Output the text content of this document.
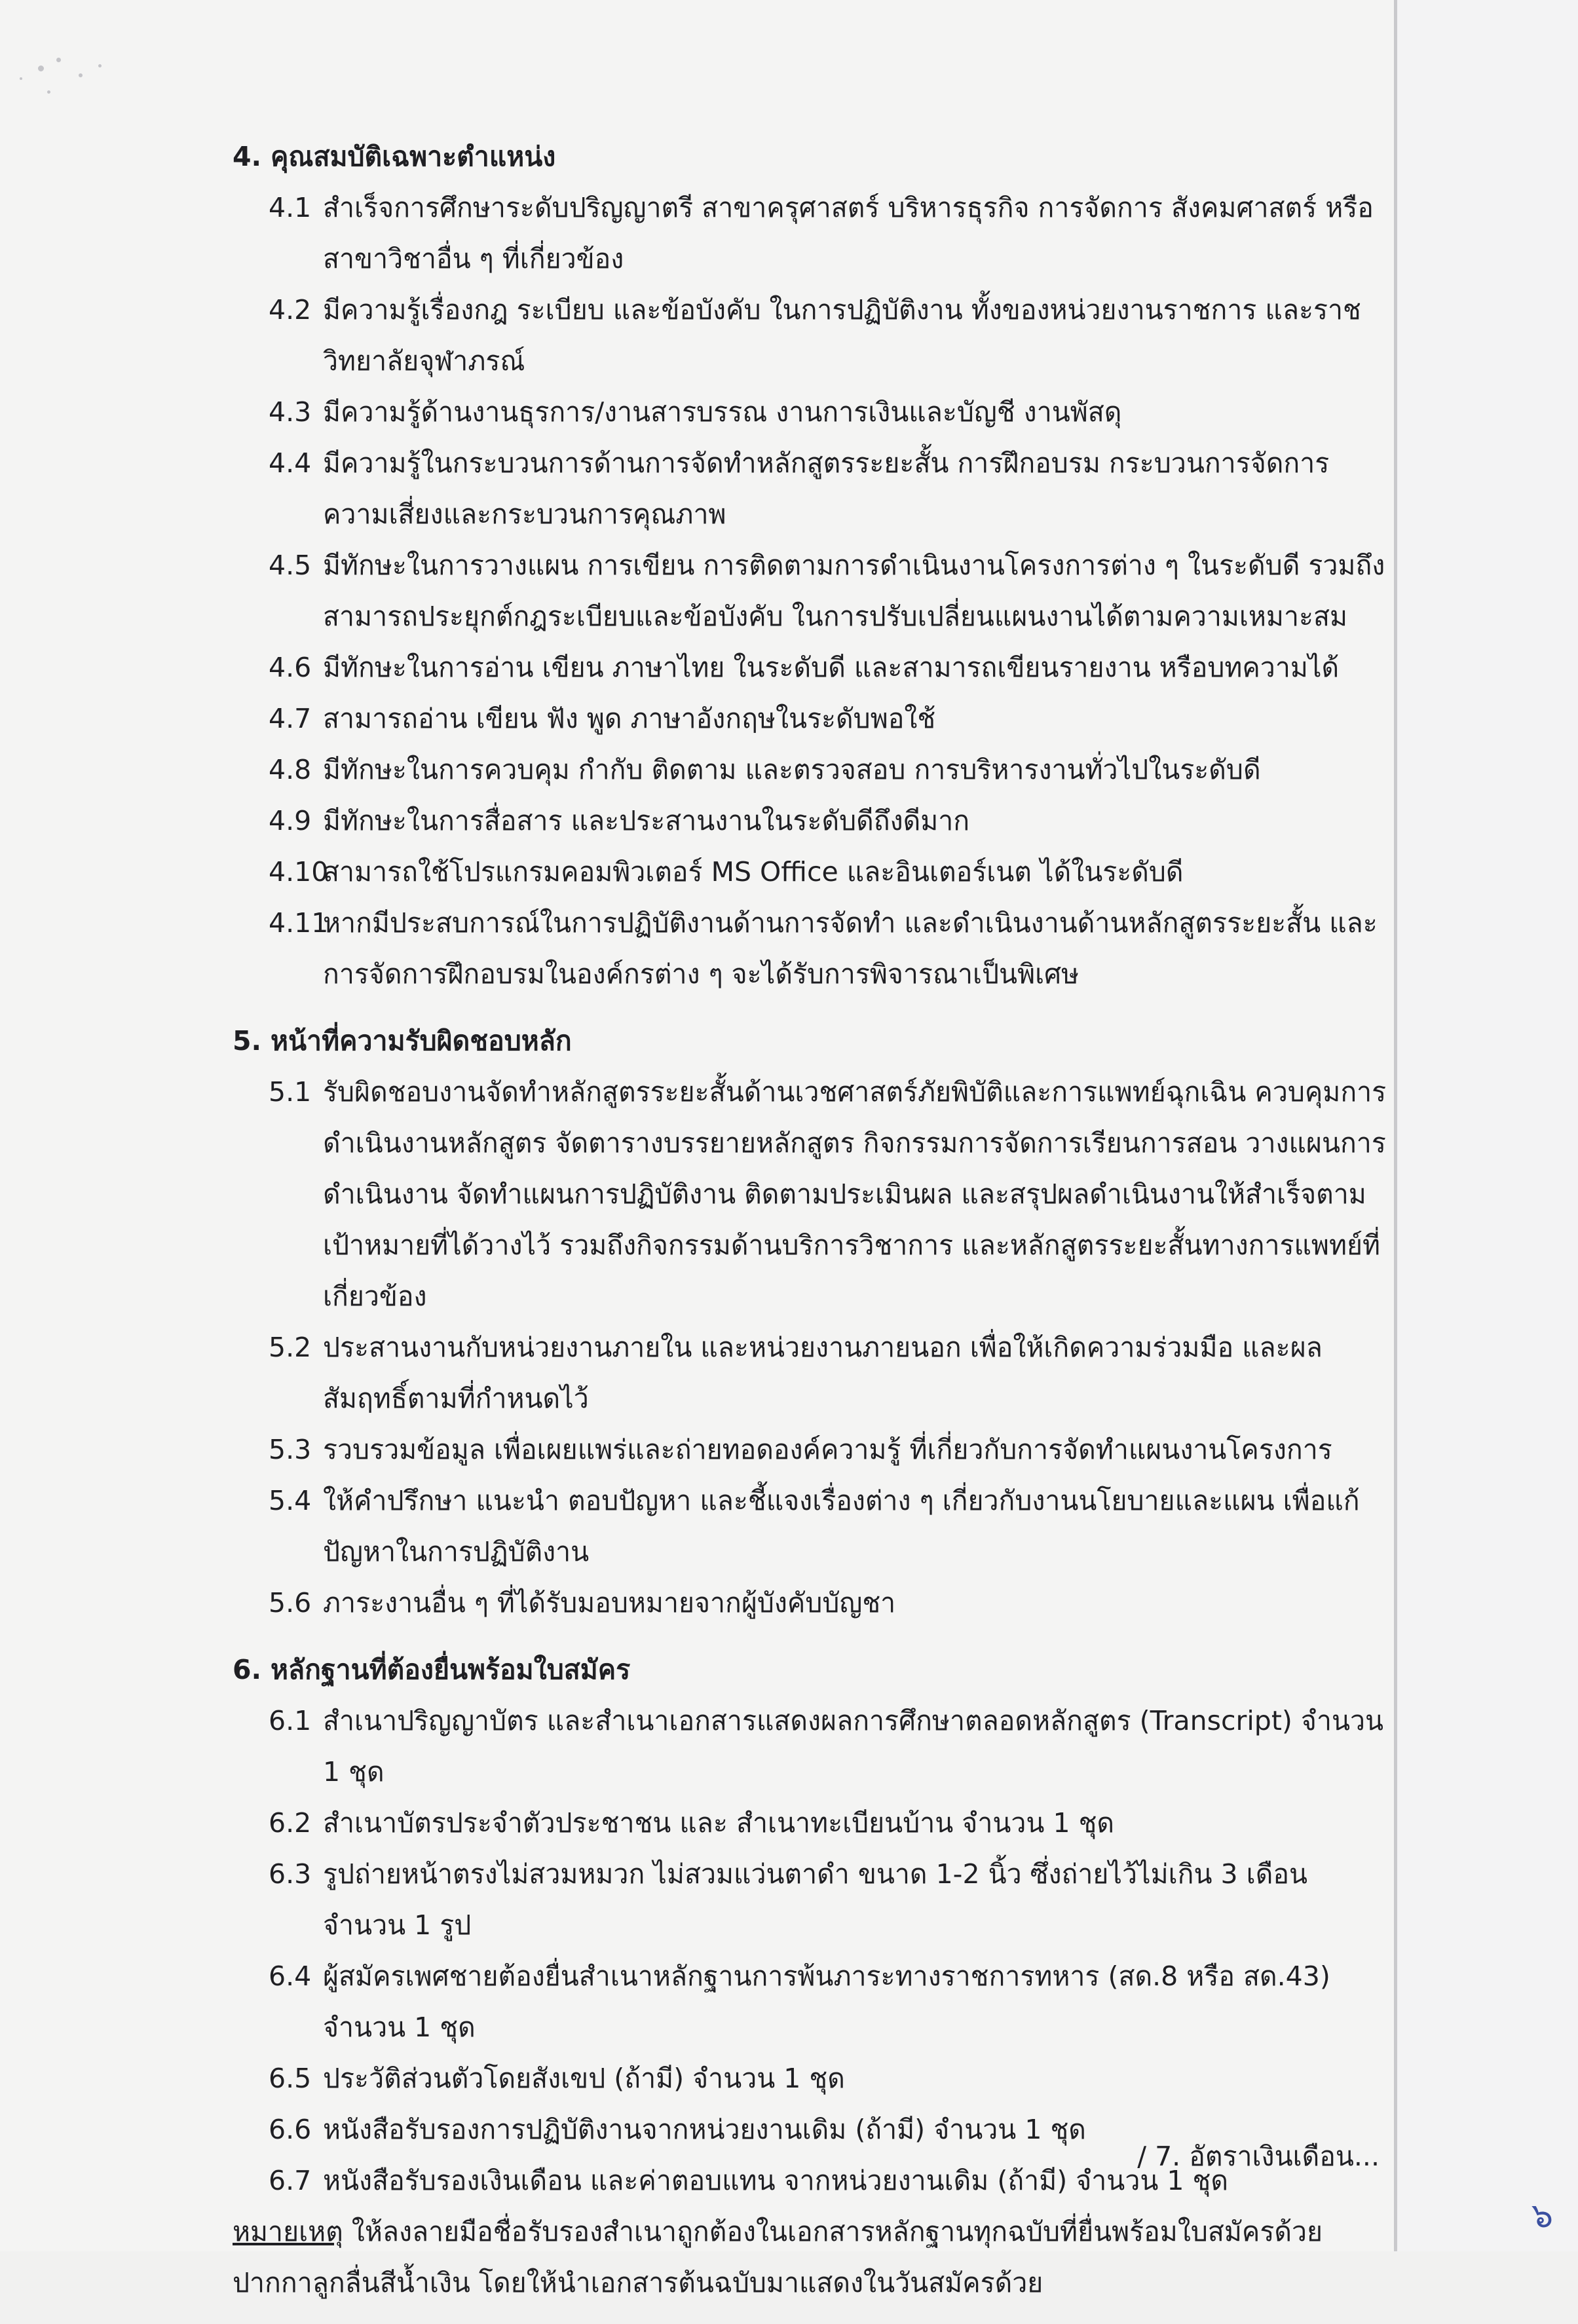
4. คุณสมบัติเฉพาะตำแหน่ง

4.1 สำเร็จการศึกษาระดับปริญญาตรี สาขาครุศาสตร์ บริหารธุรกิจ การจัดการ สังคมศาสตร์ หรือสาขาวิชาอื่น ๆ ที่เกี่ยวข้อง

4.2 มีความรู้เรื่องกฎ ระเบียบ และข้อบังคับ ในการปฏิบัติงาน ทั้งของหน่วยงานราชการ และราชวิทยาลัยจุฬาภรณ์

4.3 มีความรู้ด้านงานธุรการ/งานสารบรรณ งานการเงินและบัญชี งานพัสดุ

4.4 มีความรู้ในกระบวนการด้านการจัดทำหลักสูตรระยะสั้น การฝึกอบรม กระบวนการจัดการความเสี่ยงและกระบวนการคุณภาพ

4.5 มีทักษะในการวางแผน การเขียน การติดตามการดำเนินงานโครงการต่าง ๆ ในระดับดี รวมถึงสามารถประยุกต์กฎระเบียบและข้อบังคับ ในการปรับเปลี่ยนแผนงานได้ตามความเหมาะสม

4.6 มีทักษะในการอ่าน เขียน ภาษาไทย ในระดับดี และสามารถเขียนรายงาน หรือบทความได้

4.7 สามารถอ่าน เขียน ฟัง พูด ภาษาอังกฤษในระดับพอใช้

4.8 มีทักษะในการควบคุม กำกับ ติดตาม และตรวจสอบ การบริหารงานทั่วไปในระดับดี

4.9 มีทักษะในการสื่อสาร และประสานงานในระดับดีถึงดีมาก

4.10
สามารถใช้โปรแกรมคอมพิวเตอร์ MS Office และอินเตอร์เนต ได้ในระดับดี

4.11
หากมีประสบการณ์ในการปฏิบัติงานด้านการจัดทำ และดำเนินงานด้านหลักสูตรระยะสั้น และการจัดการฝึกอบรมในองค์กรต่าง ๆ จะได้รับการพิจารณาเป็นพิเศษ

5. หน้าที่ความรับผิดชอบหลัก

5.1 รับผิดชอบงานจัดทำหลักสูตรระยะสั้นด้านเวชศาสตร์ภัยพิบัติและการแพทย์ฉุกเฉิน ควบคุมการดำเนินงานหลักสูตร จัดตารางบรรยายหลักสูตร กิจกรรมการจัดการเรียนการสอน วางแผนการดำเนินงาน จัดทำแผนการปฏิบัติงาน ติดตามประเมินผล และสรุปผลดำเนินงานให้สำเร็จตามเป้าหมายที่ได้วางไว้ รวมถึงกิจกรรมด้านบริการวิชาการ และหลักสูตรระยะสั้นทางการแพทย์ที่เกี่ยวข้อง

5.2 ประสานงานกับหน่วยงานภายใน และหน่วยงานภายนอก เพื่อให้เกิดความร่วมมือ และผลสัมฤทธิ์ตามที่กำหนดไว้

5.3 รวบรวมข้อมูล เพื่อเผยแพร่และถ่ายทอดองค์ความรู้ ที่เกี่ยวกับการจัดทำแผนงานโครงการ

5.4 ให้คำปรึกษา แนะนำ ตอบปัญหา และชี้แจงเรื่องต่าง ๆ เกี่ยวกับงานนโยบายและแผน เพื่อแก้ปัญหาในการปฏิบัติงาน

5.6 ภาระงานอื่น ๆ ที่ได้รับมอบหมายจากผู้บังคับบัญชา

6. หลักฐานที่ต้องยื่นพร้อมใบสมัคร

6.1 สำเนาปริญญาบัตร และสำเนาเอกสารแสดงผลการศึกษาตลอดหลักสูตร (Transcript) จำนวน 1 ชุด

6.2 สำเนาบัตรประจำตัวประชาชน และ สำเนาทะเบียนบ้าน จำนวน 1 ชุด

6.3 รูปถ่ายหน้าตรงไม่สวมหมวก ไม่สวมแว่นตาดำ ขนาด 1-2 นิ้ว ซึ่งถ่ายไว้ไม่เกิน 3 เดือน จำนวน 1 รูป

6.4 ผู้สมัครเพศชายต้องยื่นสำเนาหลักฐานการพ้นภาระทางราชการทหาร (สด.8 หรือ สด.43) จำนวน 1 ชุด

6.5 ประวัติส่วนตัวโดยสังเขป (ถ้ามี) จำนวน 1 ชุด

6.6 หนังสือรับรองการปฏิบัติงานจากหน่วยงานเดิม (ถ้ามี) จำนวน 1 ชุด

6.7 หนังสือรับรองเงินเดือน และค่าตอบแทน จากหน่วยงานเดิม (ถ้ามี) จำนวน 1 ชุด

หมายเหตุ ให้ลงลายมือชื่อรับรองสำเนาถูกต้องในเอกสารหลักฐานทุกฉบับที่ยื่นพร้อมใบสมัครด้วยปากกาลูกลื่นสีน้ำเงิน โดยให้นำเอกสารต้นฉบับมาแสดงในวันสมัครด้วย

/ 7. อัตราเงินเดือน...
๖
